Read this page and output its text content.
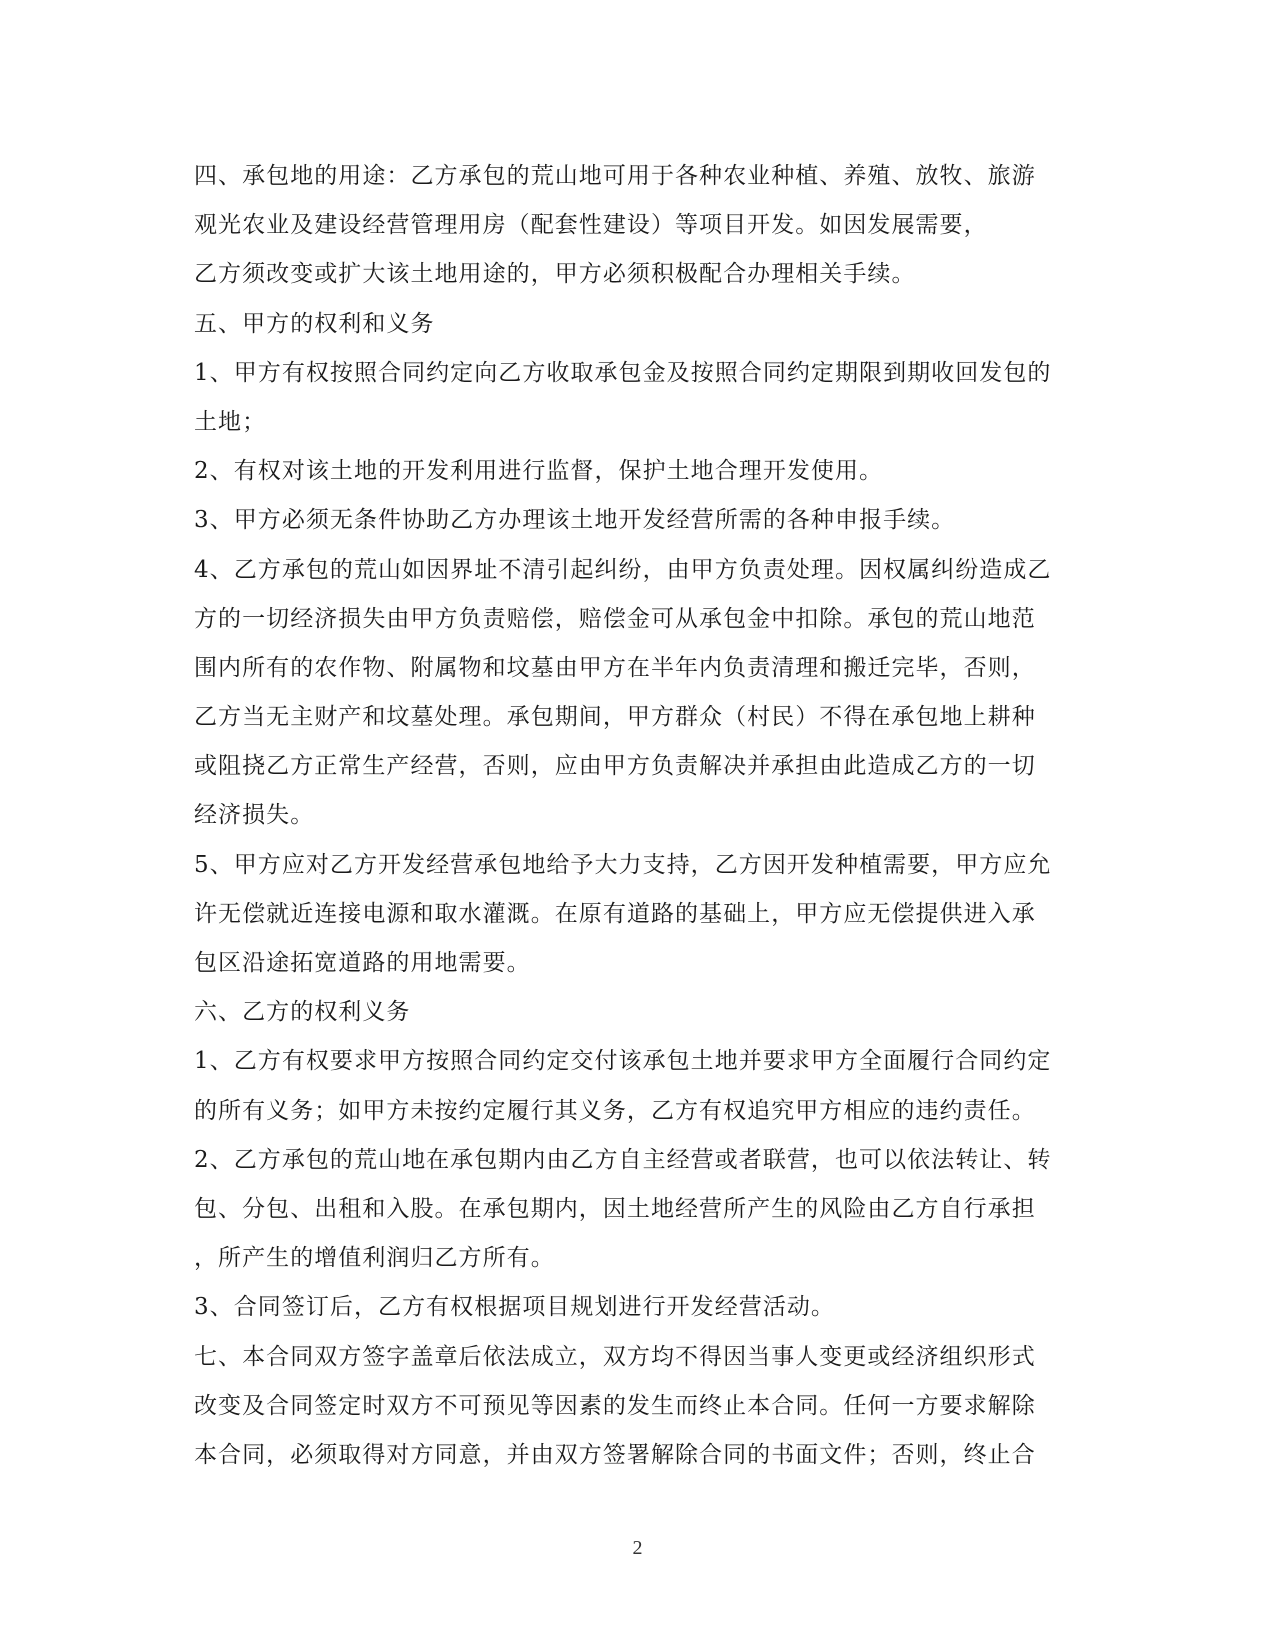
四、承包地的用途：乙方承包的荒山地可用于各种农业种植、养殖、放牧、旅游
观光农业及建设经营管理用房（配套性建设）等项目开发。如因发展需要，
乙方须改变或扩大该土地用途的，甲方必须积极配合办理相关手续。
五、甲方的权利和义务
1、甲方有权按照合同约定向乙方收取承包金及按照合同约定期限到期收回发包的
土地；
2、有权对该土地的开发利用进行监督，保护土地合理开发使用。
3、甲方必须无条件协助乙方办理该土地开发经营所需的各种申报手续。
4、乙方承包的荒山如因界址不清引起纠纷，由甲方负责处理。因权属纠纷造成乙
方的一切经济损失由甲方负责赔偿，赔偿金可从承包金中扣除。承包的荒山地范
围内所有的农作物、附属物和坟墓由甲方在半年内负责清理和搬迁完毕，否则，
乙方当无主财产和坟墓处理。承包期间，甲方群众（村民）不得在承包地上耕种
或阻挠乙方正常生产经营，否则，应由甲方负责解决并承担由此造成乙方的一切
经济损失。
5、甲方应对乙方开发经营承包地给予大力支持，乙方因开发种植需要，甲方应允
许无偿就近连接电源和取水灌溉。在原有道路的基础上，甲方应无偿提供进入承
包区沿途拓宽道路的用地需要。
六、乙方的权利义务
1、乙方有权要求甲方按照合同约定交付该承包土地并要求甲方全面履行合同约定
的所有义务；如甲方未按约定履行其义务，乙方有权追究甲方相应的违约责任。
2、乙方承包的荒山地在承包期内由乙方自主经营或者联营，也可以依法转让、转
包、分包、出租和入股。在承包期内，因土地经营所产生的风险由乙方自行承担
，所产生的增值利润归乙方所有。
3、合同签订后，乙方有权根据项目规划进行开发经营活动。
七、本合同双方签字盖章后依法成立，双方均不得因当事人变更或经济组织形式
改变及合同签定时双方不可预见等因素的发生而终止本合同。任何一方要求解除
本合同，必须取得对方同意，并由双方签署解除合同的书面文件；否则，终止合
2
